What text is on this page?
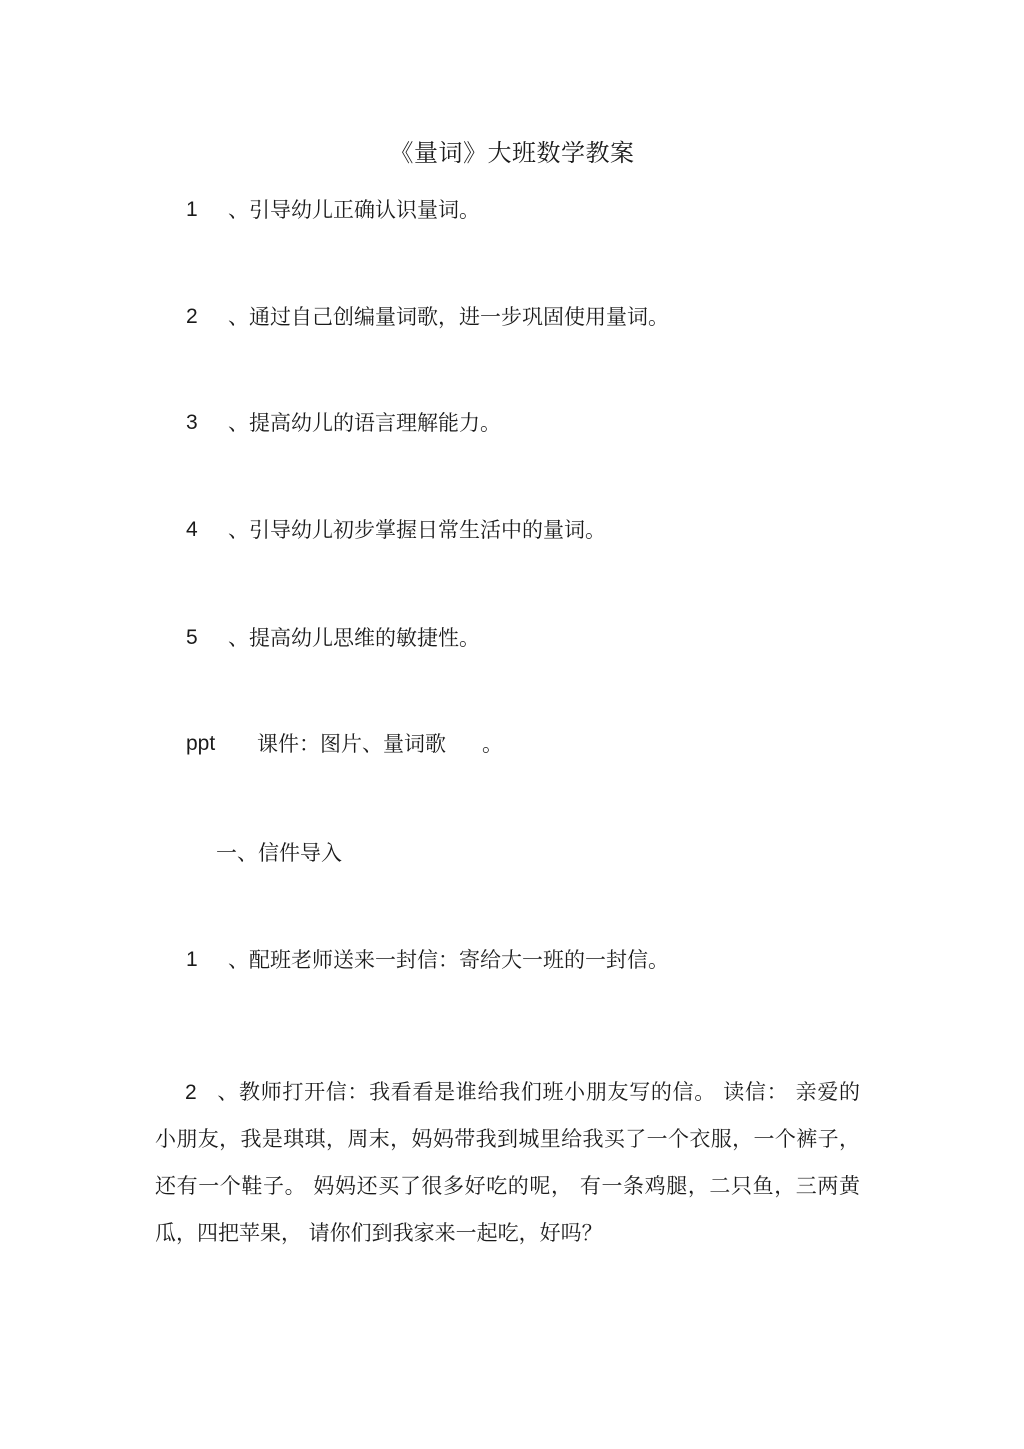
《量词》大班数学教案
1 、引导幼儿正确认识量词。
2 、通过自己创编量词歌，进一步巩固使用量词。
3 、提高幼儿的语言理解能力。
4 、引导幼儿初步掌握日常生活中的量词。
5 、提高幼儿思维的敏捷性。
ppt 课件：图片、量词歌 。
一、信件导入
1 、配班老师送来一封信：寄给大一班的一封信。
2 、教师打开信：我看看是谁给我们班小朋友写的信。 读信： 亲爱的小朋友，我是琪琪，周末，妈妈带我到城里给我买了一个衣服，一个裤子，还有一个鞋子。 妈妈还买了很多好吃的呢， 有一条鸡腿，二只鱼，三两黄瓜，四把苹果， 请你们到我家来一起吃，好吗？
